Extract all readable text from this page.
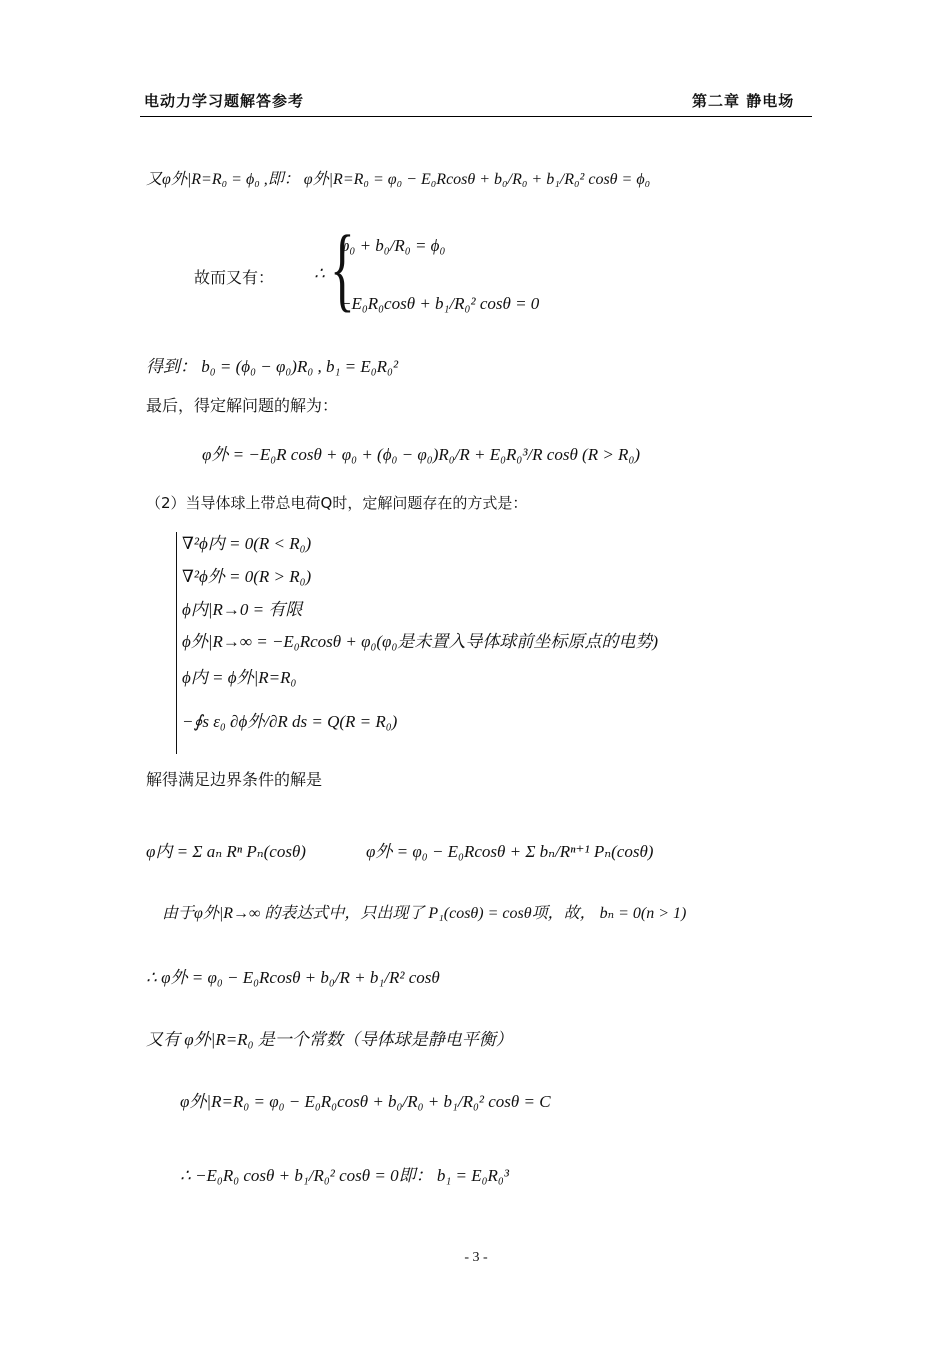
电动力学习题解答参考	第二章 静电场
又φ外|R=R₀ = ϕ₀ ,即： φ外|R=R₀ = φ₀ − E₀Rcosθ + b₀/R₀ + b₁/R₀² cosθ = ϕ₀
故而又有： ∴ {
φ₀ + b₀/R₀ = ϕ₀
−E₀R₀cosθ + b₁/R₀² cosθ = 0
得到： b₀ = (ϕ₀ − φ₀)R₀ , b₁ = E₀R₀²
最后，得定解问题的解为：
φ外 = −E₀R cosθ + φ₀ + (ϕ₀ − φ₀)R₀/R + E₀R₀³/R cosθ (R > R₀)
（2）当导体球上带总电荷Q时，定解问题存在的方式是：
∇²ϕ内 = 0(R < R₀)
∇²ϕ外 = 0(R > R₀)
ϕ内|R→0 = 有限
ϕ外|R→∞ = −E₀Rcosθ + φ₀(φ₀是未置入导体球前坐标原点的电势)
ϕ内 = ϕ外|R=R₀
−∮s ε₀ ∂ϕ外/∂R ds = Q(R = R₀)
解得满足边界条件的解是
φ内 = Σ aₙ Rⁿ Pₙ(cosθ)	φ外 = φ₀ − E₀Rcosθ + Σ bₙ/Rⁿ⁺¹ Pₙ(cosθ)
由于φ外|R→∞ 的表达式中，只出现了 P₁(cosθ) = cosθ项，故， bₙ = 0(n > 1)
∴ φ外 = φ₀ − E₀Rcosθ + b₀/R + b₁/R² cosθ
又有 φ外|R=R₀ 是一个常数（导体球是静电平衡）
φ外|R=R₀ = φ₀ − E₀R₀cosθ + b₀/R₀ + b₁/R₀² cosθ = C
∴ −E₀R₀ cosθ + b₁/R₀² cosθ = 0即： b₁ = E₀R₀³
- 3 -
